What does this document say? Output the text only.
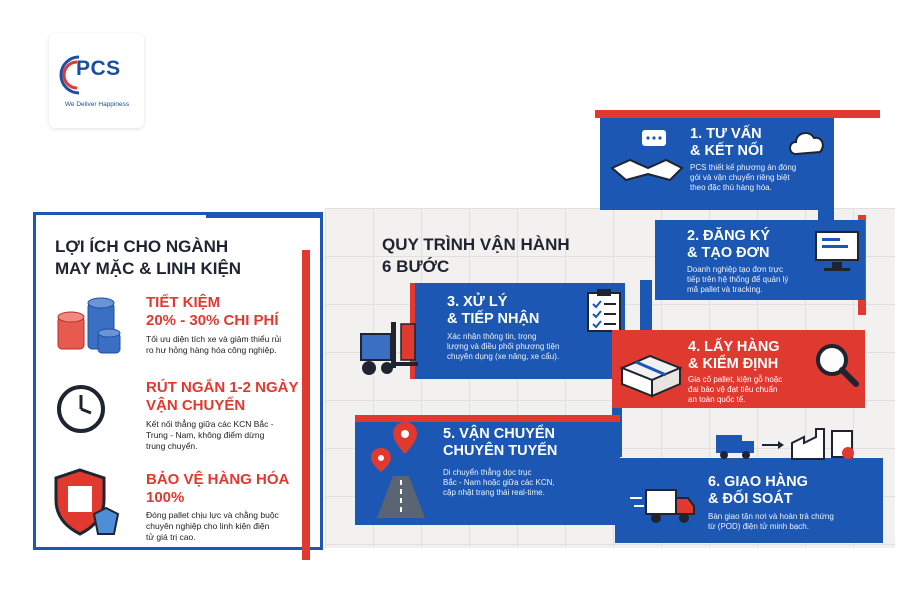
PCS
We Deliver Happiness
LỢI ÍCH CHO NGÀNH
MAY MẶC & LINH KIỆN
TIẾT KIỆM
20% - 30% CHI PHÍ
Tối ưu diện tích xe và giảm thiểu rủi
ro hư hỏng hàng hóa công nghiệp.
RÚT NGẮN 1-2 NGÀY
VẬN CHUYỂN
Kết nối thẳng giữa các KCN Bắc -
Trung - Nam, không điểm dừng
trung chuyển.
BẢO VỆ HÀNG HÓA
100%
Đóng pallet chịu lực và chằng buộc
chuyên nghiệp cho linh kiện điện
tử giá trị cao.
QUY TRÌNH VẬN HÀNH
6 BƯỚC
1. TƯ VẤN
& KẾT NỐI
PCS thiết kế phương án đóng
gói và vận chuyển riêng biệt
theo đặc thù hàng hóa.
2. ĐĂNG KÝ
& TẠO ĐƠN
Doanh nghiệp tạo đơn trực
tiếp trên hệ thống để quản lý
mã pallet và tracking.
3. XỬ LÝ
& TIẾP NHẬN
Xác nhận thông tin, trọng
lượng và điều phối phương tiện
chuyên dụng (xe nâng, xe cẩu).
4. LẤY HÀNG
& KIỂM ĐỊNH
Gia cố pallet, kiện gỗ hoặc
đai bảo vệ đạt tiêu chuẩn
an toàn quốc tế.
5. VẬN CHUYỂN
CHUYÊN TUYẾN
Di chuyển thẳng dọc trục
Bắc - Nam hoặc giữa các KCN,
cập nhật trạng thái real-time.
6. GIAO HÀNG
& ĐỐI SOÁT
Bàn giao tận nơi và hoàn trả chứng
từ (POD) điện tử minh bạch.
